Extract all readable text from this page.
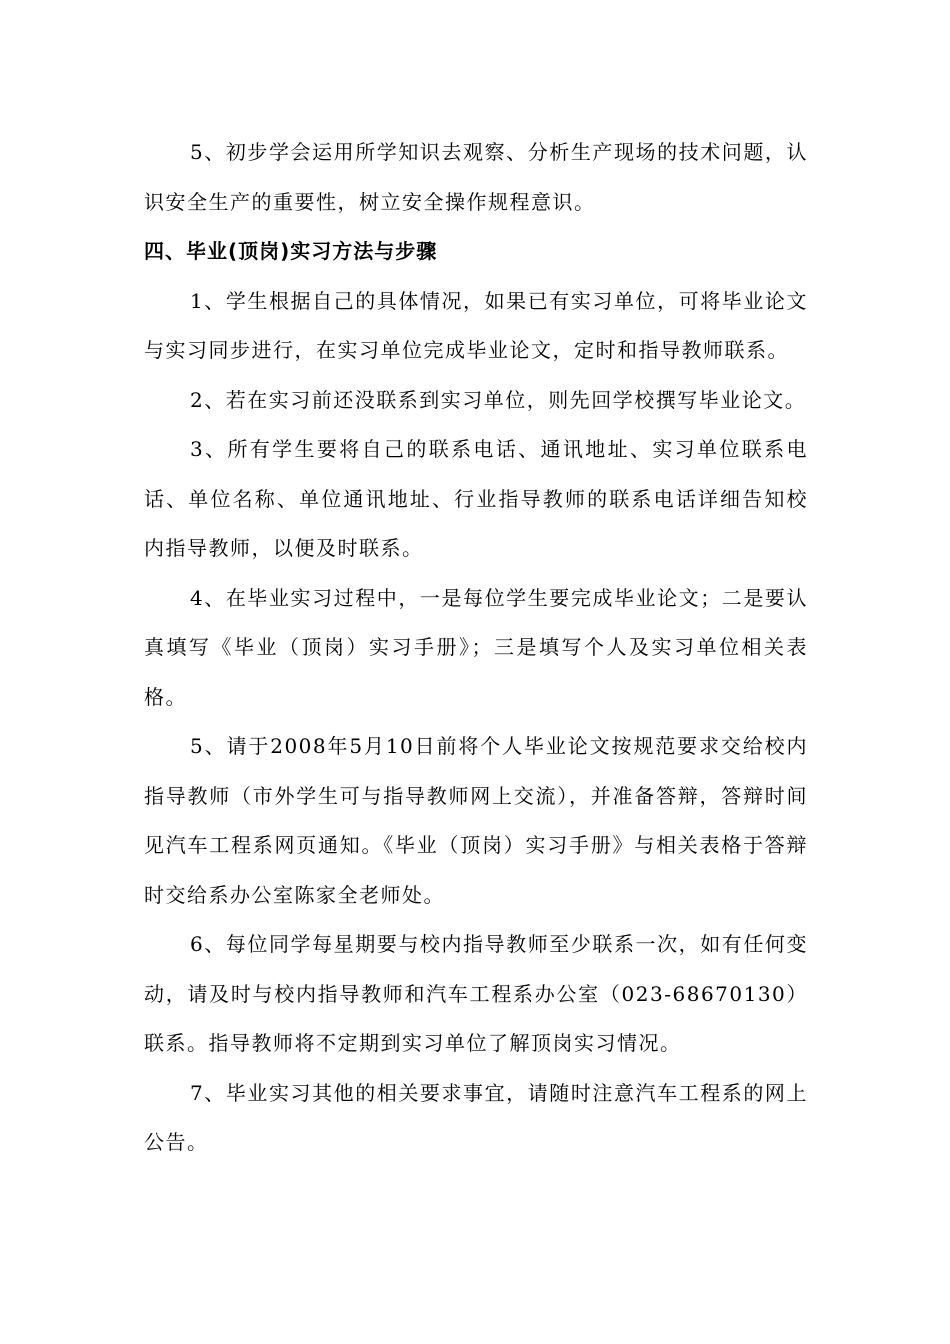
5、初步学会运用所学知识去观察、分析生产现场的技术问题，认识安全生产的重要性，树立安全操作规程意识。

四、毕业(顶岗)实习方法与步骤

1、学生根据自己的具体情况，如果已有实习单位，可将毕业论文与实习同步进行，在实习单位完成毕业论文，定时和指导教师联系。

2、若在实习前还没联系到实习单位，则先回学校撰写毕业论文。

3、所有学生要将自己的联系电话、通讯地址、实习单位联系电话、单位名称、单位通讯地址、行业指导教师的联系电话详细告知校内指导教师，以便及时联系。

4、在毕业实习过程中，一是每位学生要完成毕业论文；二是要认真填写《毕业（顶岗）实习手册》；三是填写个人及实习单位相关表格。

5、请于2008年5月10日前将个人毕业论文按规范要求交给校内指导教师（市外学生可与指导教师网上交流），并准备答辩，答辩时间见汽车工程系网页通知。《毕业（顶岗）实习手册》与相关表格于答辩时交给系办公室陈家全老师处。

6、每位同学每星期要与校内指导教师至少联系一次，如有任何变动，请及时与校内指导教师和汽车工程系办公室（023-68670130）联系。指导教师将不定期到实习单位了解顶岗实习情况。

7、毕业实习其他的相关要求事宜，请随时注意汽车工程系的网上公告。
